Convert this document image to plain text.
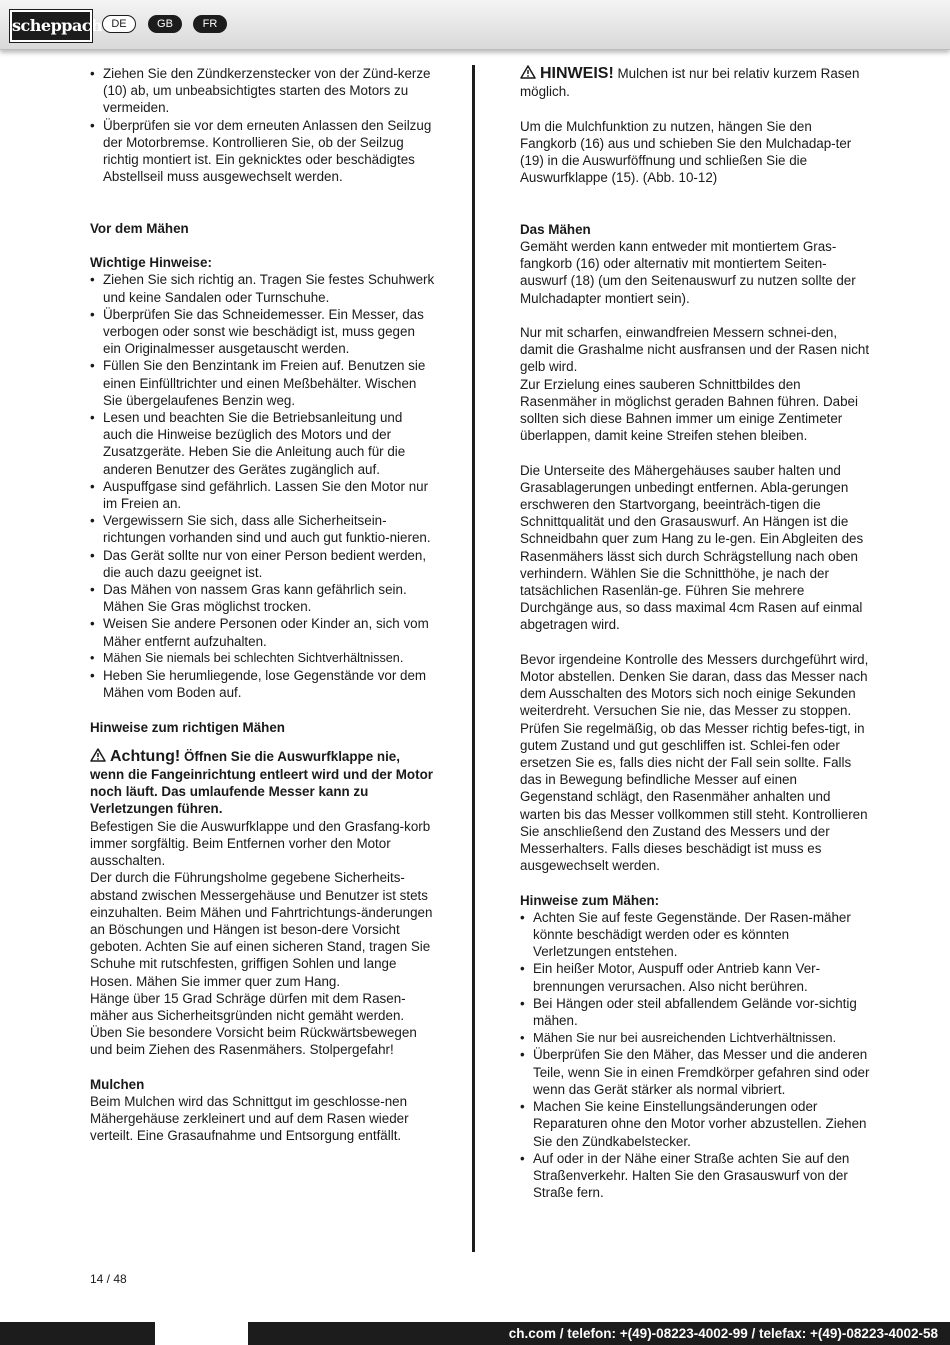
scheppach DE	GB	FR
• Ziehen Sie den Zündkerzenstecker von der Zünd-kerze (10) ab, um unbeabsichtigtes starten des Motors zu vermeiden.
• Überprüfen sie vor dem erneuten Anlassen den Seilzug der Motorbremse. Kontrollieren Sie, ob der Seilzug richtig montiert ist. Ein geknicktes oder beschädigtes Abstellseil muss ausgewechselt werden.
Vor dem Mähen
Wichtige Hinweise:
• Ziehen Sie sich richtig an. Tragen Sie festes Schuhwerk und keine Sandalen oder Turnschuhe.
• Überprüfen Sie das Schneidemesser. Ein Messer, das verbogen oder sonst wie beschädigt ist, muss gegen ein Originalmesser ausgetauscht werden.
• Füllen Sie den Benzintank im Freien auf. Benutzen sie einen Einfülltrichter und einen Meßbehälter. Wischen Sie übergelaufenes Benzin weg.
• Lesen und beachten Sie die Betriebsanleitung und auch die Hinweise bezüglich des Motors und der Zusatzgeräte. Heben Sie die Anleitung auch für die anderen Benutzer des Gerätes zugänglich auf.
• Auspuffgase sind gefährlich. Lassen Sie den Motor nur im Freien an.
• Vergewissern Sie sich, dass alle Sicherheitsein-richtungen vorhanden sind und auch gut funktio-nieren.
• Das Gerät sollte nur von einer Person bedient werden, die auch dazu geeignet ist.
• Das Mähen von nassem Gras kann gefährlich sein. Mähen Sie Gras möglichst trocken.
• Weisen Sie andere Personen oder Kinder an, sich vom Mäher entfernt aufzuhalten.
• Mähen Sie niemals bei schlechten Sichtverhältnissen.
• Heben Sie herumliegende, lose Gegenstände vor dem Mähen vom Boden auf.
Hinweise zum richtigen Mähen
Achtung! Öffnen Sie die Auswurfklappe nie, wenn die Fangeinrichtung entleert wird und der Motor noch läuft. Das umlaufende Messer kann zu Verletzungen führen.

Befestigen Sie die Auswurfklappe und den Grasfang-korb immer sorgfältig. Beim Entfernen vorher den Motor ausschalten.

Der durch die Führungsholme gegebene Sicherheits-abstand zwischen Messergehäuse und Benutzer ist stets einzuhalten. Beim Mähen und Fahrtrichtungs-änderungen an Böschungen und Hängen ist beson-dere Vorsicht geboten. Achten Sie auf einen sicheren Stand, tragen Sie Schuhe mit rutschfesten, griffigen Sohlen und lange Hosen. Mähen Sie immer quer zum Hang.

Hänge über 15 Grad Schräge dürfen mit dem Rasen-mäher aus Sicherheitsgründen nicht gemäht werden. Üben Sie besondere Vorsicht beim Rückwärtsbewegen und beim Ziehen des Rasenmähers. Stolpergefahr!

Mulchen

Beim Mulchen wird das Schnittgut im geschlosse-nen Mähergehäuse zerkleinert und auf dem Rasen wieder verteilt. Eine Grasaufnahme und Entsorgung entfällt.

HINWEIS! Mulchen ist nur bei relativ kurzem Rasen möglich.

Um die Mulchfunktion zu nutzen, hängen Sie den Fangkorb (16) aus und schieben Sie den Mulchadap-ter (19) in die Auswurföffnung und schließen Sie die Auswurfklappe (15). (Abb. 10-12)

Das Mähen

Gemäht werden kann entweder mit montiertem Gras-fangkorb (16) oder alternativ mit montiertem Seiten-auswurf (18) (um den Seitenauswurf zu nutzen sollte der Mulchadapter montiert sein).

Nur mit scharfen, einwandfreien Messern schnei-den, damit die Grashalme nicht ausfransen und der Rasen nicht gelb wird.

Zur Erzielung eines sauberen Schnittbildes den Rasenmäher in möglichst geraden Bahnen führen. Dabei sollten sich diese Bahnen immer um einige Zentimeter überlappen, damit keine Streifen stehen bleiben.

Die Unterseite des Mähergehäuses sauber halten und Grasablagerungen unbedingt entfernen. Abla-gerungen erschweren den Startvorgang, beeinträch-tigen die Schnittqualität und den Grasauswurf. An Hängen ist die Schneidbahn quer zum Hang zu le-gen. Ein Abgleiten des Rasenmähers lässt sich durch Schrägstellung nach oben verhindern. Wählen Sie die Schnitthöhe, je nach der tatsächlichen Rasenlän-ge. Führen Sie mehrere Durchgänge aus, so dass maximal 4cm Rasen auf einmal abgetragen wird.

Bevor irgendeine Kontrolle des Messers durchgeführt wird, Motor abstellen. Denken Sie daran, dass das Messer nach dem Ausschalten des Motors sich noch einige Sekunden weiterdreht. Versuchen Sie nie, das Messer zu stoppen.

Prüfen Sie regelmäßig, ob das Messer richtig befes-tigt, in gutem Zustand und gut geschliffen ist. Schlei-fen oder ersetzen Sie es, falls dies nicht der Fall sein sollte. Falls das in Bewegung befindliche Messer auf einen Gegenstand schlägt, den Rasenmäher anhalten und warten bis das Messer vollkommen still steht. Kontrollieren Sie anschließend den Zustand des Messers und der Messerhalters. Falls dieses beschädigt ist muss es ausgewechselt werden.

Hinweise zum Mähen:
• Achten Sie auf feste Gegenstände. Der Rasen-mäher könnte beschädigt werden oder es könnten Verletzungen entstehen.
• Ein heißer Motor, Auspuff oder Antrieb kann Ver-brennungen verursachen. Also nicht berühren.
• Bei Hängen oder steil abfallendem Gelände vor-sichtig mähen.
• Mähen Sie nur bei ausreichenden Lichtverhältnissen.
• Überprüfen Sie den Mäher, das Messer und die anderen Teile, wenn Sie in einen Fremdkörper gefahren sind oder wenn das Gerät stärker als normal vibriert.
• Machen Sie keine Einstellungsänderungen oder Reparaturen ohne den Motor vorher abzustellen. Ziehen Sie den Zündkabelstecker.
• Auf oder in der Nähe einer Straße achten Sie auf den Straßenverkehr. Halten Sie den Grasauswurf von der Straße fern.
14 / 48
ch.com / telefon: +(49)-08223-4002-99 / telefax: +(49)-08223-4002-58
